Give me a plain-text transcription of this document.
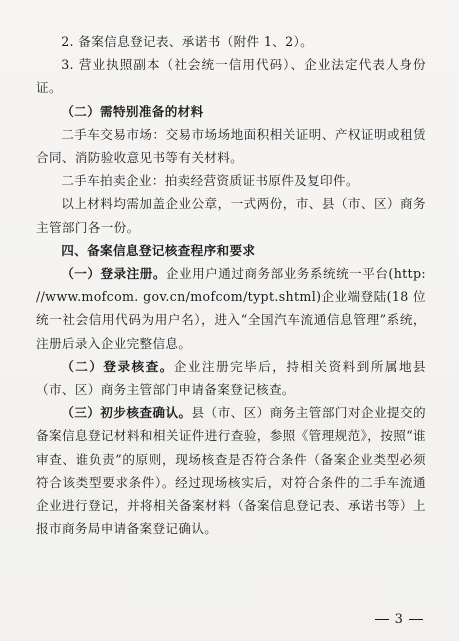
2. 备案信息登记表、承诺书（附件 1、2）。

3. 营业执照副本（社会统一信用代码）、企业法定代表人身份证。

（二）需特别准备的材料

二手车交易市场：交易市场场地面积相关证明、产权证明或租赁合同、消防验收意见书等有关材料。

二手车拍卖企业：拍卖经营资质证书原件及复印件。

以上材料均需加盖企业公章，一式两份，市、县（市、区）商务主管部门各一份。

四、备案信息登记核查程序和要求

（一）登录注册。企业用户通过商务部业务系统统一平台(http: //www.mofcom. gov.cn/mofcom/typt.shtml)企业端登陆(18 位统一社会信用代码为用户名），进入“全国汽车流通信息管理”系统，注册后录入企业完整信息。

（二）登录核查。企业注册完毕后，持相关资料到所属地县（市、区）商务主管部门申请备案登记核查。

（三）初步核查确认。县（市、区）商务主管部门对企业提交的备案信息登记材料和相关证件进行查验，参照《管理规范》，按照“谁审查、谁负责”的原则，现场核查是否符合条件（备案企业类型必须符合该类型要求条件）。经过现场核实后，对符合条件的二手车流通企业进行登记，并将相关备案材料（备案信息登记表、承诺书等）上报市商务局申请备案登记确认。

3
